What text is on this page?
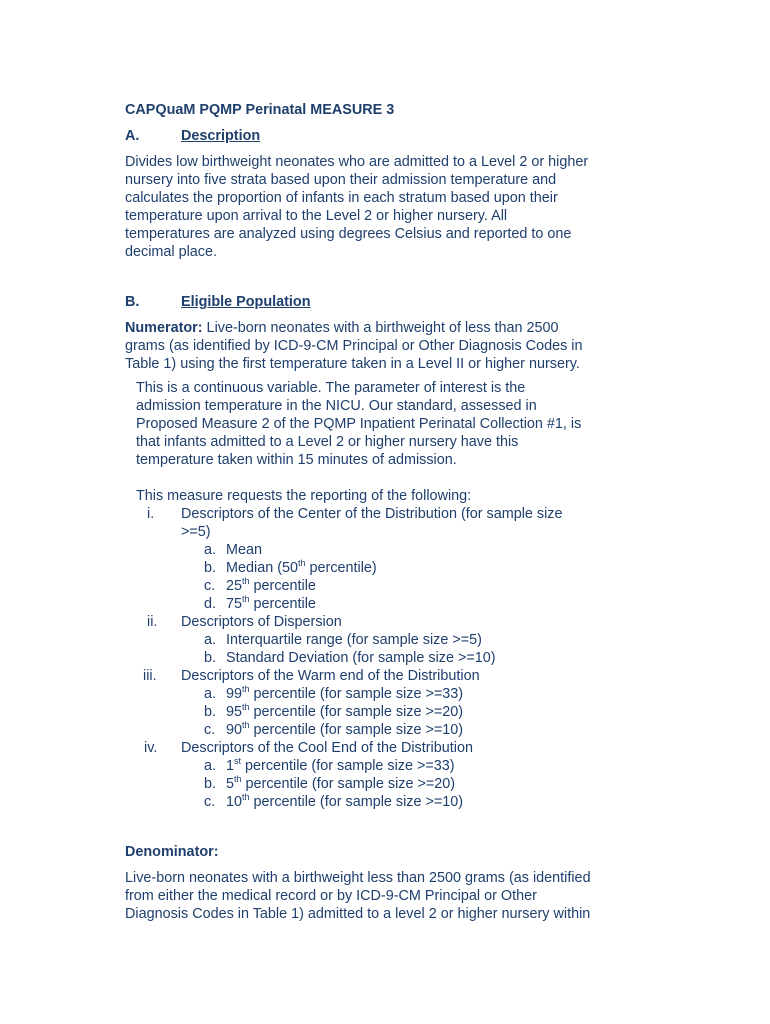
CAPQuaM PQMP Perinatal MEASURE 3
A.	Description
Divides low birthweight neonates who are admitted to a Level 2 or higher
nursery into five strata based upon their admission temperature and
calculates the proportion of infants in each stratum based upon their
temperature upon arrival to the Level 2 or higher nursery. All
temperatures are analyzed using degrees Celsius and reported to one
decimal place.
B.	Eligible Population
Numerator: Live-born neonates with a birthweight of less than 2500
grams (as identified by ICD-9-CM Principal or Other Diagnosis Codes in
Table 1) using the first temperature taken in a Level II or higher nursery.
This is a continuous variable. The parameter of interest is the
admission temperature in the NICU. Our standard, assessed in
Proposed Measure 2 of the PQMP Inpatient Perinatal Collection #1, is
that infants admitted to a Level 2 or higher nursery have this
temperature taken within 15 minutes of admission.
This measure requests the reporting of the following:
i. Descriptors of the Center of the Distribution (for sample size
>=5)
a. Mean
b. Median (50th percentile)
c. 25th percentile
d. 75th percentile
ii. Descriptors of Dispersion
a. Interquartile range (for sample size >=5)
b. Standard Deviation (for sample size >=10)
iii. Descriptors of the Warm end of the Distribution
a. 99th percentile (for sample size >=33)
b. 95th percentile (for sample size >=20)
c. 90th percentile (for sample size >=10)
iv. Descriptors of the Cool End of the Distribution
a. 1st percentile (for sample size >=33)
b. 5th percentile (for sample size >=20)
c. 10th percentile (for sample size >=10)
Denominator:
Live-born neonates with a birthweight less than 2500 grams (as identified
from either the medical record or by ICD-9-CM Principal or Other
Diagnosis Codes in Table 1) admitted to a level 2 or higher nursery within
